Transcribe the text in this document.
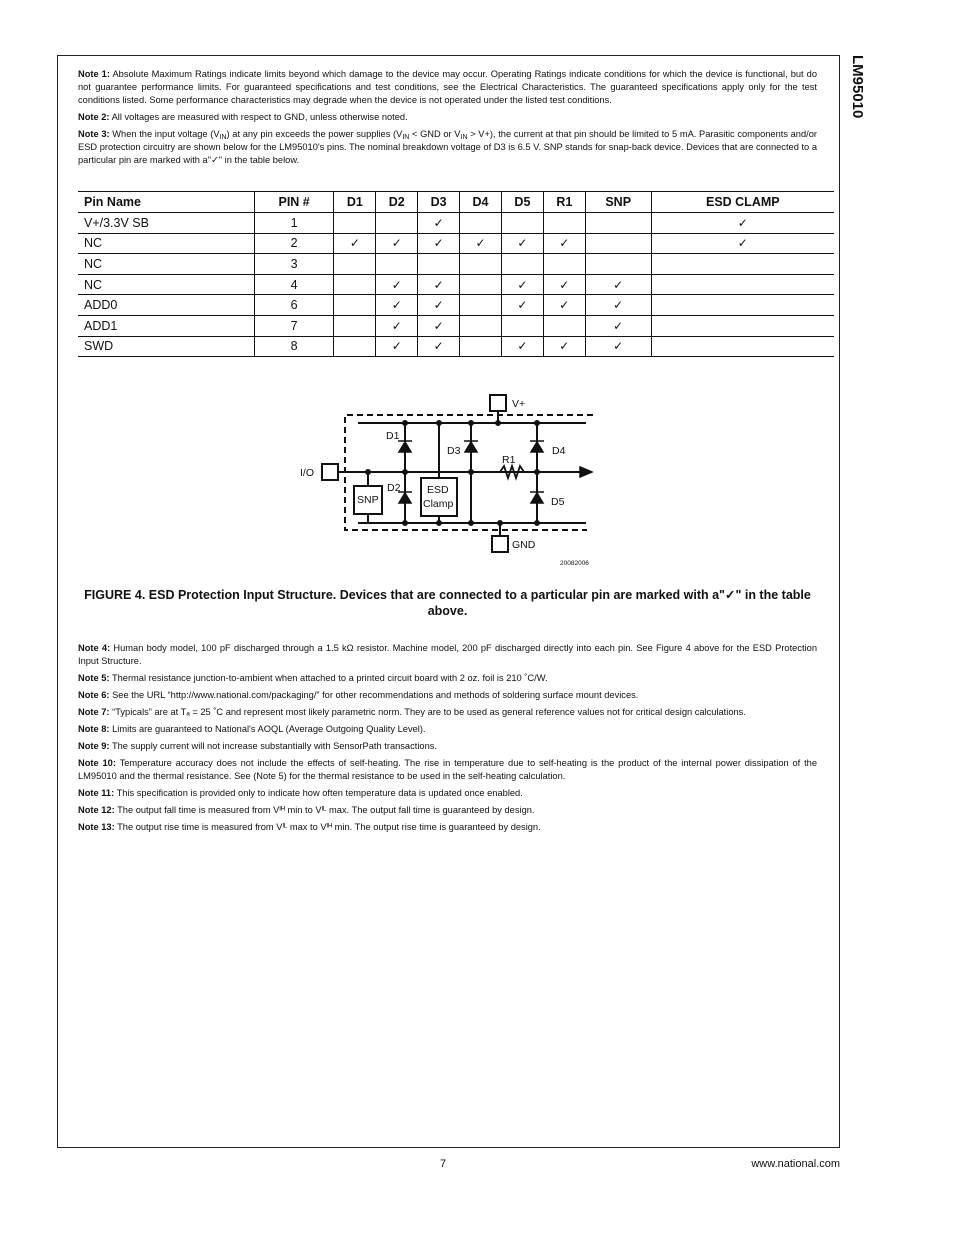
LM95010

Note 1: Absolute Maximum Ratings indicate limits beyond which damage to the device may occur. Operating Ratings indicate conditions for which the device is functional, but do not guarantee performance limits. For guaranteed specifications and test conditions, see the Electrical Characteristics. The guaranteed specifications apply only for the test conditions listed. Some performance characteristics may degrade when the device is not operated under the listed test conditions.

Note 2: All voltages are measured with respect to GND, unless otherwise noted.

Note 3: When the input voltage $(V_{IN})$ at any pin exceeds the power supplies ($V_{IN}$ < GND or $V_{IN} > V+$), the current at that pin should be limited to 5 mA. Parasitic components and/or ESD protection circuitry are shown below for the LM95010's pins. The nominal breakdown voltage of D3 is 6.5 V. SNP stands for snap-back device. Devices that are connected to a particular pin are marked with a"✓" in the table below.

Pin Name	PIN #	D1	D2	D3	D4	D5	R1	SNP	ESD CLAMP
V+/3.3V SB	1			✓					✓
NC	2	✓	✓	✓	✓	✓	✓		✓
NC	3								
NC	4		✓	✓		✓	✓	✓	
ADD0	6		✓	✓		✓	✓	✓	
ADD1	7		✓	✓				✓	
SWD	8		✓	✓		✓	✓	✓	
V+
GND
I/O
D1
D2
D3	D4
D5
R1
SNP
ESD
Clamp
20082006
FIGURE 4. ESD Protection Input Structure. Devices that are connected to a particular pin are marked with a"✓" in the table above.

Note 4: Human body model, 100 pF discharged through a 1.5 kΩ resistor. Machine model, 200 pF discharged directly into each pin. See Figure 4 above for the ESD Protection Input Structure.

Note 5: Thermal resistance junction-to-ambient when attached to a printed circuit board with 2 oz. foil is 210 ˚C/W.

Note 6: See the URL “http://www.national.com/packaging/” for other recommendations and methods of soldering surface mount devices.

Note 7: “Typicals” are at Tₐ = 25 ˚C and represent most likely parametric norm. They are to be used as general reference values not for critical design calculations.

Note 8: Limits are guaranteed to National's AOQL (Average Outgoing Quality Level).

Note 9: The supply current will not increase substantially with SensorPath transactions.

Note 10: Temperature accuracy does not include the effects of self-heating. The rise in temperature due to self-heating is the product of the internal power dissipation of the LM95010 and the thermal resistance. See (Note 5) for the thermal resistance to be used in the self-heating calculation.

Note 11: This specification is provided only to indicate how often temperature data is updated once enabled.

Note 12: The output fall time is measured from Vᴵᴴ min to Vᴵᴸ max. The output fall time is guaranteed by design.

Note 13: The output rise time is measured from Vᴵᴸ max to Vᴵᴴ min. The output rise time is guaranteed by design.

7	www.national.com
